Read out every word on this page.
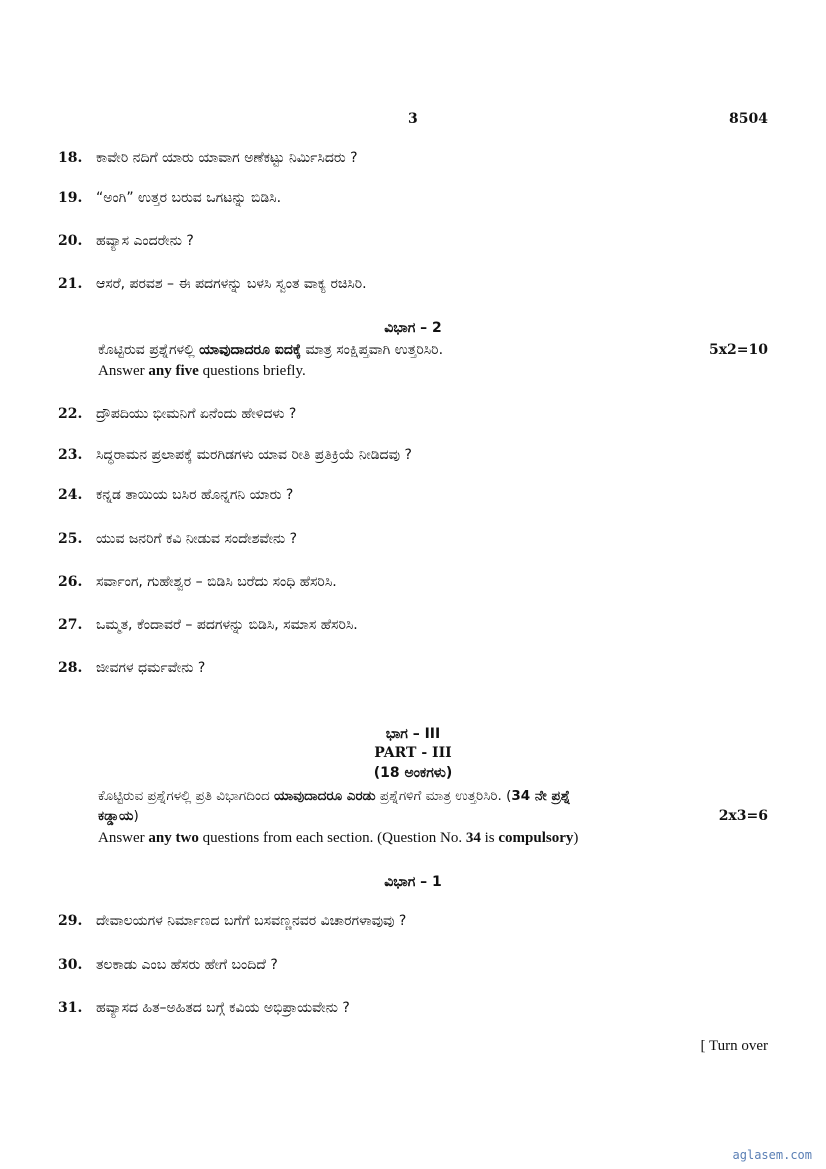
3	8504
18. ಕಾವೇರಿ ನದಿಗೆ ಯಾರು ಯಾವಾಗ ಅಣೆಕಟ್ಟು ನಿರ್ಮಿಸಿದರು ?
19. “ಅಂಗಿ” ಉತ್ತರ ಬರುವ ಒಗಟನ್ನು ಬಿಡಿಸಿ.
20. ಹವ್ಯಾಸ ಎಂದರೇನು ?
21. ಆಸರೆ, ಪರವಶ – ಈ ಪದಗಳನ್ನು ಬಳಸಿ ಸ್ವಂತ ವಾಕ್ಯ ರಚಿಸಿರಿ.
ವಿಭಾಗ – 2
ಕೊಟ್ಟಿರುವ ಪ್ರಶ್ನೆಗಳಲ್ಲಿ ಯಾವುದಾದರೂ ಐದಕ್ಕೆ ಮಾತ್ರ ಸಂಕ್ಷಿಪ್ತವಾಗಿ ಉತ್ತರಿಸಿರಿ.	5x2=10
Answer any five questions briefly.
22. ದ್ರೌಪದಿಯು ಭೀಮನಿಗೆ ಏನೆಂದು ಹೇಳಿದಳು ?
23. ಸಿದ್ಧರಾಮನ ಪ್ರಲಾಪಕ್ಕೆ ಮರಗಿಡಗಳು ಯಾವ ರೀತಿ ಪ್ರತಿಕ್ರಿಯೆ ನೀಡಿದವು ?
24. ಕನ್ನಡ ತಾಯಿಯ ಬಸಿರ ಹೊನ್ನಗನಿ ಯಾರು ?
25. ಯುವ ಜನರಿಗೆ ಕವಿ ನೀಡುವ ಸಂದೇಶವೇನು ?
26. ಸರ್ವಾಂಗ, ಗುಹೇಶ್ವರ – ಬಿಡಿಸಿ ಬರೆದು ಸಂಧಿ ಹೆಸರಿಸಿ.
27. ಒಮ್ಮತ, ಕೆಂದಾವರೆ – ಪದಗಳನ್ನು ಬಿಡಿಸಿ, ಸಮಾಸ ಹೆಸರಿಸಿ.
28. ಜೀವಗಳ ಧರ್ಮವೇನು ?
ಭಾಗ – III
PART - III
(18 ಅಂಕಗಳು)
ಕೊಟ್ಟಿರುವ ಪ್ರಶ್ನೆಗಳಲ್ಲಿ ಪ್ರತಿ ವಿಭಾಗದಿಂದ ಯಾವುದಾದರೂ ಎರಡು ಪ್ರಶ್ನೆಗಳಿಗೆ ಮಾತ್ರ ಉತ್ತರಿಸಿರಿ. (34 ನೇ ಪ್ರಶ್ನೆ
ಕಡ್ಡಾಯ)	2x3=6
Answer any two questions from each section. (Question No. 34 is compulsory)
ವಿಭಾಗ – 1
29. ದೇವಾಲಯಗಳ ನಿರ್ಮಾಣದ ಬಗೆಗೆ ಬಸವಣ್ಣನವರ ವಿಚಾರಗಳಾವುವು ?
30. ತಲಕಾಡು ಎಂಬ ಹೆಸರು ಹೇಗೆ ಬಂದಿದೆ ?
31. ಹವ್ಯಾಸದ ಹಿತ–ಅಹಿತದ ಬಗ್ಗೆ ಕವಿಯ ಅಭಿಪ್ರಾಯವೇನು ?
[ Turn over
aglasem.com
